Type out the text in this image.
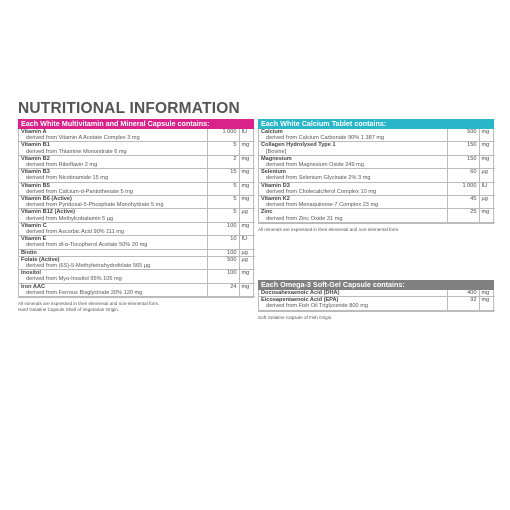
NUTRITIONAL INFORMATION
Each White Multivitamin and Mineral Capsule contains:
Vitamin A
derived from Vitamin A Acetate Complex 3 mg	1 000	IU

Vitamin B1
derived from Thiamine Mononitrate 6 mg	5	mg

Vitamin B2
derived from Riboflavin 2 mg	2	mg

Vitamin B3
derived from Nicotinamide 15 mg	15	mg

Vitamin B5
derived from Calcium-d-Pantothenate 5 mg	5	mg

Vitamin B6 (Active)
derived from Pyridoxal-5-Phosphate Monohydrate 5 mg	5	mg

Vitamin B12 (Active)
derived from Methylcobalamin 5 µg	5	µg

Vitamin C
derived from Ascorbic Acid 90% 111 mg	100	mg

Vitamin E
derived from dl-α-Tocopherol Acetate 50% 20 mg	10	IU

Biotin	100	µg

Folate (Active)
derived from (6S)-5-Methyltetrahydrofolate 565 µg	500	µg

Inositol
derived from Myo-Inositol 95% 105 mg	100	mg

Iron AAC
derived from Ferrous Bisglycinate 20% 120 mg	24	mg
All minerals are expressed in their elemental and non-elemental form.
Hard Gelatine Capsule Shell of Vegetarian Origin.
Each White Calcium Tablet contains:
Calcium
derived from Calcium Carbonate 90% 1 387 mg	500	mg

Collagen Hydrolysed Type 1
[Bovine]	150	mg

Magnesium
derived from Magnesium Oxide 249 mg	150	mg

Selenium
derived from Selenium Glycinate 2% 3 mg	60	µg

Vitamin D3
derived from Cholecalciferol Complex 10 mg	1 000	IU

Vitamin K2
derived from Menaquinone-7 Complex 23 mg	45	µg

Zinc
derived from Zinc Oxide 31 mg	25	mg
All minerals are expressed in their elemental and non-elemental form.
Each Omega-3 Soft-Gel Capsule contains:
Docosahexaenoic Acid (DHA)	400	mg

Eicosapentaenoic Acid (EPA)
derived from Fish Oil Triglyceride 800 mg	92	mg
Soft Gelatine Capsule of Fish Origin.
